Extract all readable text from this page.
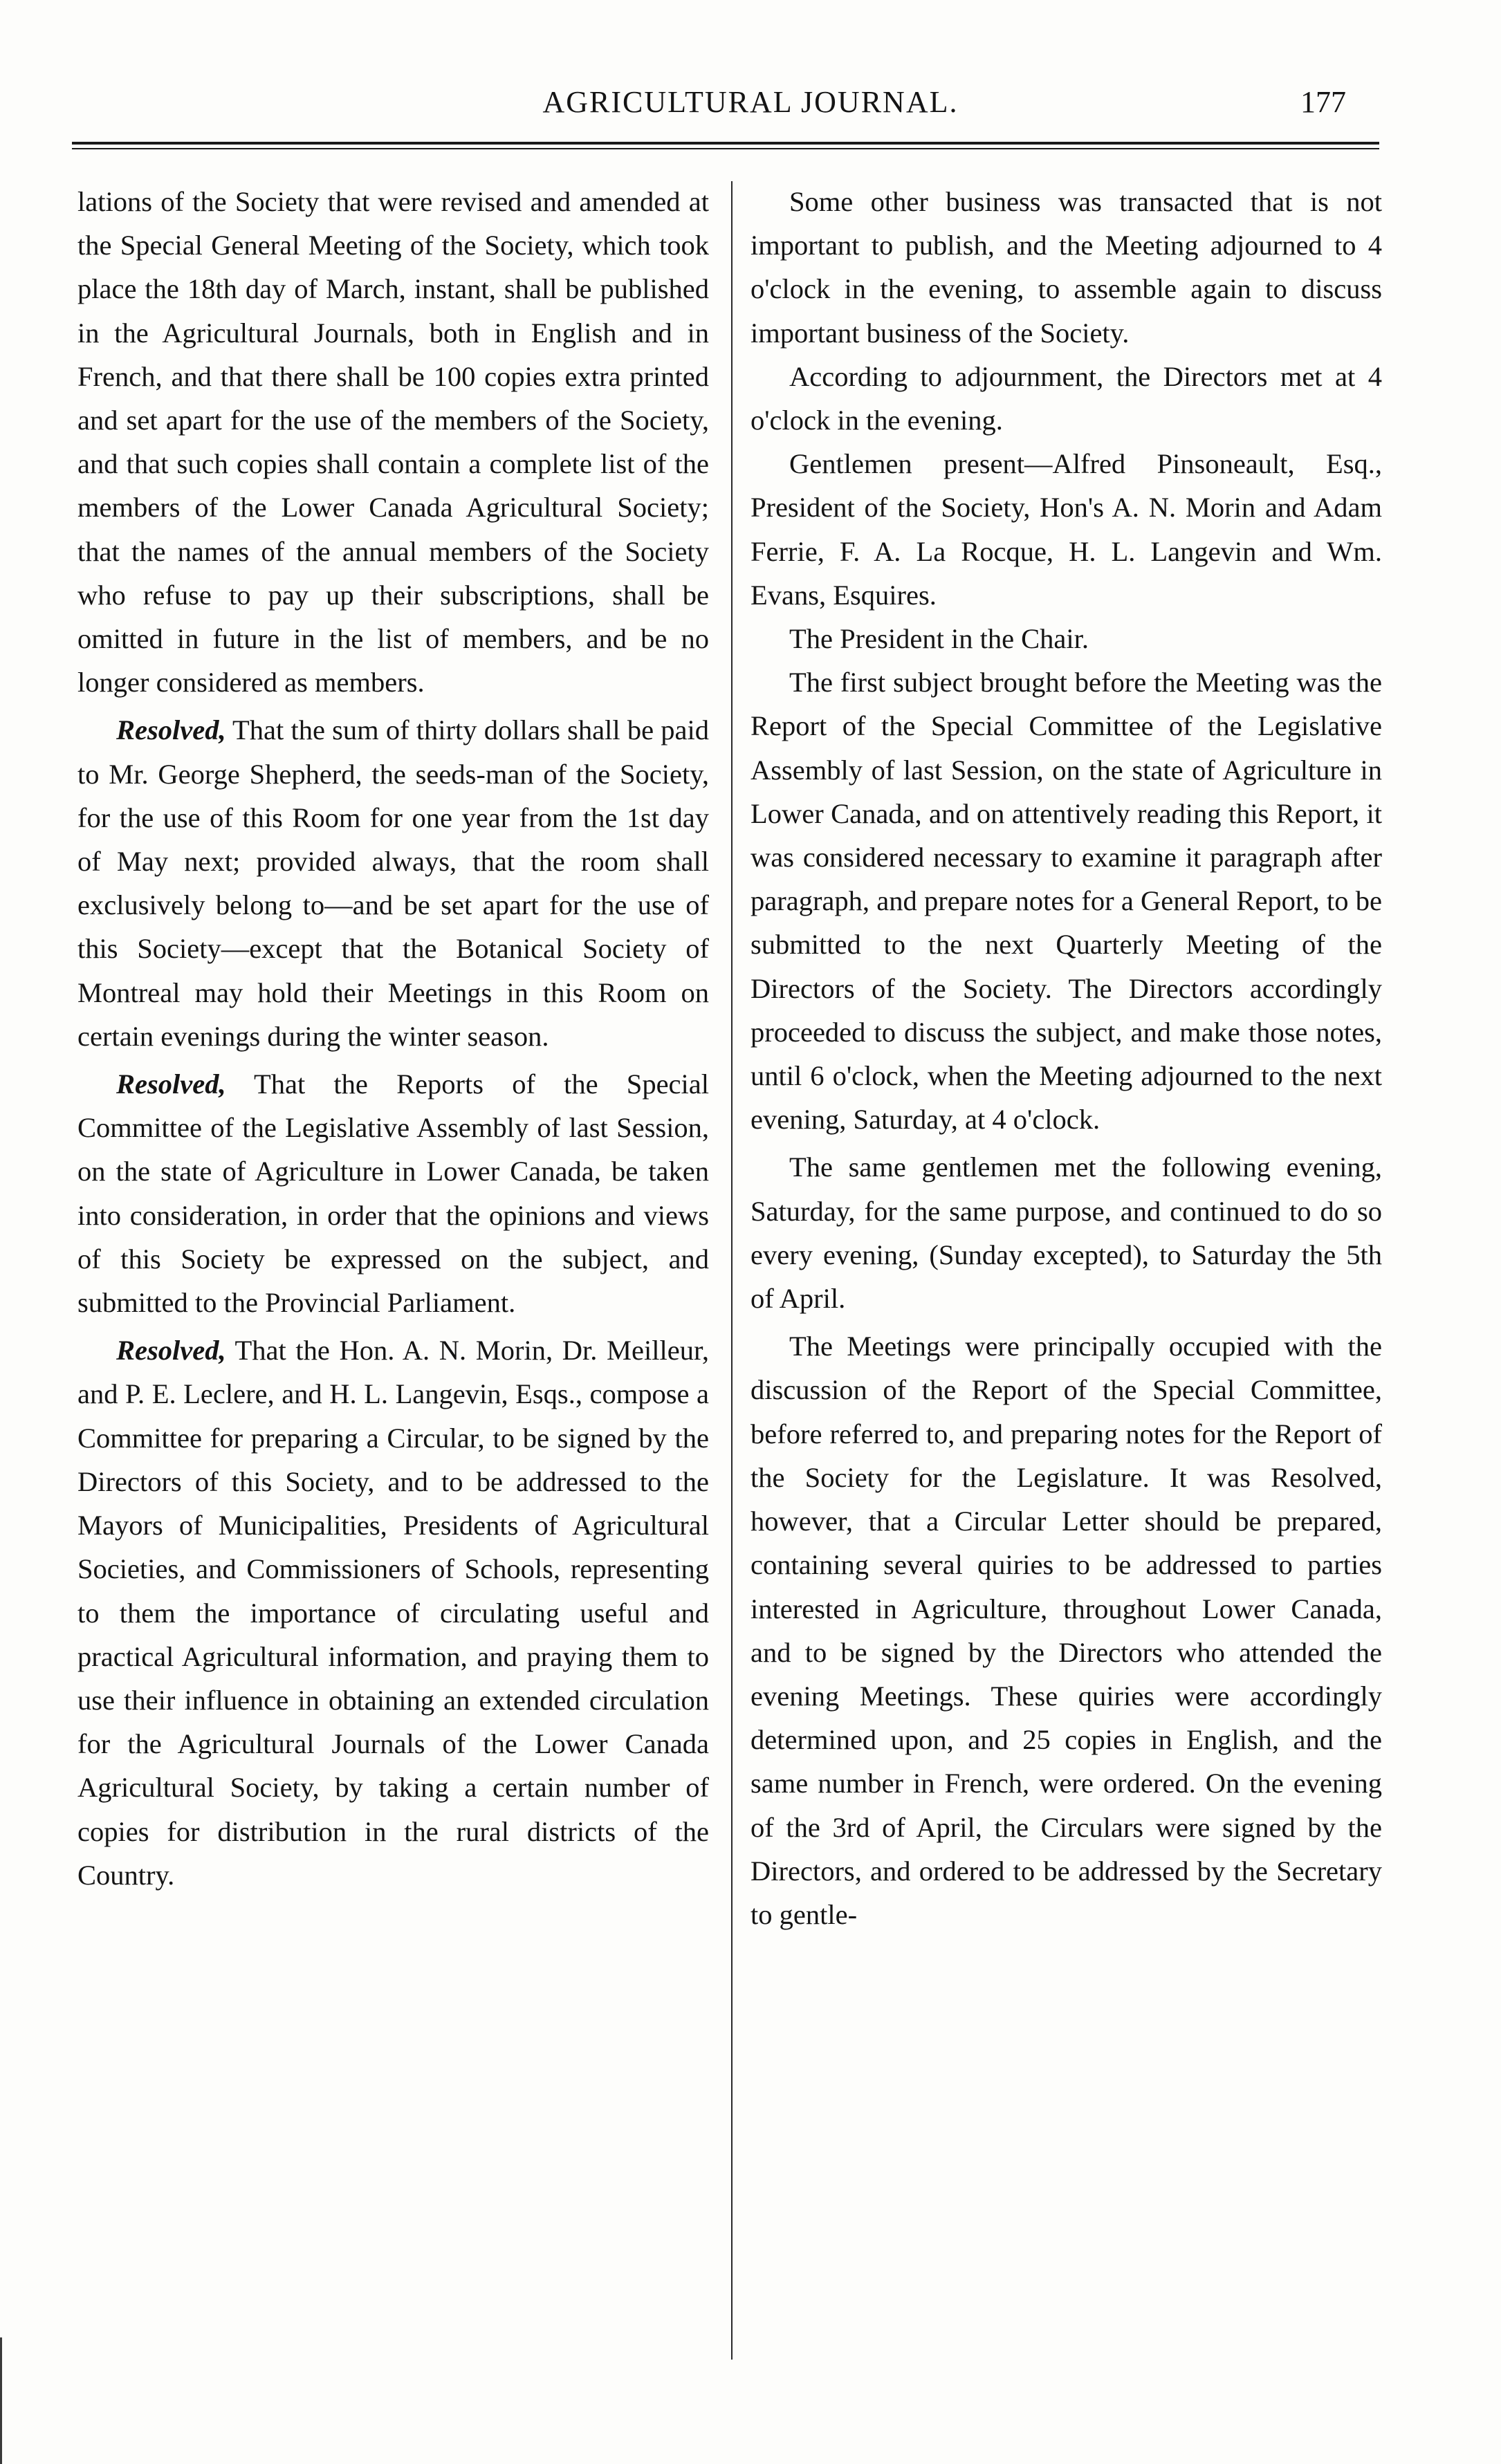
AGRICULTURAL JOURNAL.	177

lations of the Society that were revised and amended at the Special General Meeting of the Society, which took place the 18th day of March, instant, shall be published in the Agricultural Journals, both in English and in French, and that there shall be 100 copies extra printed and set apart for the use of the members of the Society, and that such copies shall contain a complete list of the members of the Lower Canada Agricultural Society; that the names of the annual members of the Society who refuse to pay up their subscriptions, shall be omitted in future in the list of members, and be no longer considered as members.

Resolved, That the sum of thirty dollars shall be paid to Mr. George Shepherd, the seeds-man of the Society, for the use of this Room for one year from the 1st day of May next; provided always, that the room shall exclusively belong to—and be set apart for the use of this Society—except that the Botanical Society of Montreal may hold their Meetings in this Room on certain evenings during the winter season.

Resolved, That the Reports of the Special Committee of the Legislative Assembly of last Session, on the state of Agriculture in Lower Canada, be taken into consideration, in order that the opinions and views of this Society be expressed on the subject, and submitted to the Provincial Parliament.

Resolved, That the Hon. A. N. Morin, Dr. Meilleur, and P. E. Leclere, and H. L. Langevin, Esqs., compose a Committee for preparing a Circular, to be signed by the Directors of this Society, and to be addressed to the Mayors of Municipalities, Presidents of Agricultural Societies, and Commissioners of Schools, representing to them the importance of circulating useful and practical Agricultural information, and praying them to use their influence in obtaining an extended circulation for the Agricultural Journals of the Lower Canada Agricultural Society, by taking a certain number of copies for distribution in the rural districts of the Country.

Some other business was transacted that is not important to publish, and the Meeting adjourned to 4 o'clock in the evening, to assemble again to discuss important business of the Society.

According to adjournment, the Directors met at 4 o'clock in the evening.

Gentlemen present—Alfred Pinsoneault, Esq., President of the Society, Hon's A. N. Morin and Adam Ferrie, F. A. La Rocque, H. L. Langevin and Wm. Evans, Esquires.

The President in the Chair.

The first subject brought before the Meeting was the Report of the Special Committee of the Legislative Assembly of last Session, on the state of Agriculture in Lower Canada, and on attentively reading this Report, it was considered necessary to examine it paragraph after paragraph, and prepare notes for a General Report, to be submitted to the next Quarterly Meeting of the Directors of the Society. The Directors accordingly proceeded to discuss the subject, and make those notes, until 6 o'clock, when the Meeting adjourned to the next evening, Saturday, at 4 o'clock.

The same gentlemen met the following evening, Saturday, for the same purpose, and continued to do so every evening, (Sunday excepted), to Saturday the 5th of April.

The Meetings were principally occupied with the discussion of the Report of the Special Committee, before referred to, and preparing notes for the Report of the Society for the Legislature. It was Resolved, however, that a Circular Letter should be prepared, containing several quiries to be addressed to parties interested in Agriculture, throughout Lower Canada, and to be signed by the Directors who attended the evening Meetings. These quiries were accordingly determined upon, and 25 copies in English, and the same number in French, were ordered. On the evening of the 3rd of April, the Circulars were signed by the Directors, and ordered to be addressed by the Secretary to gentle-
